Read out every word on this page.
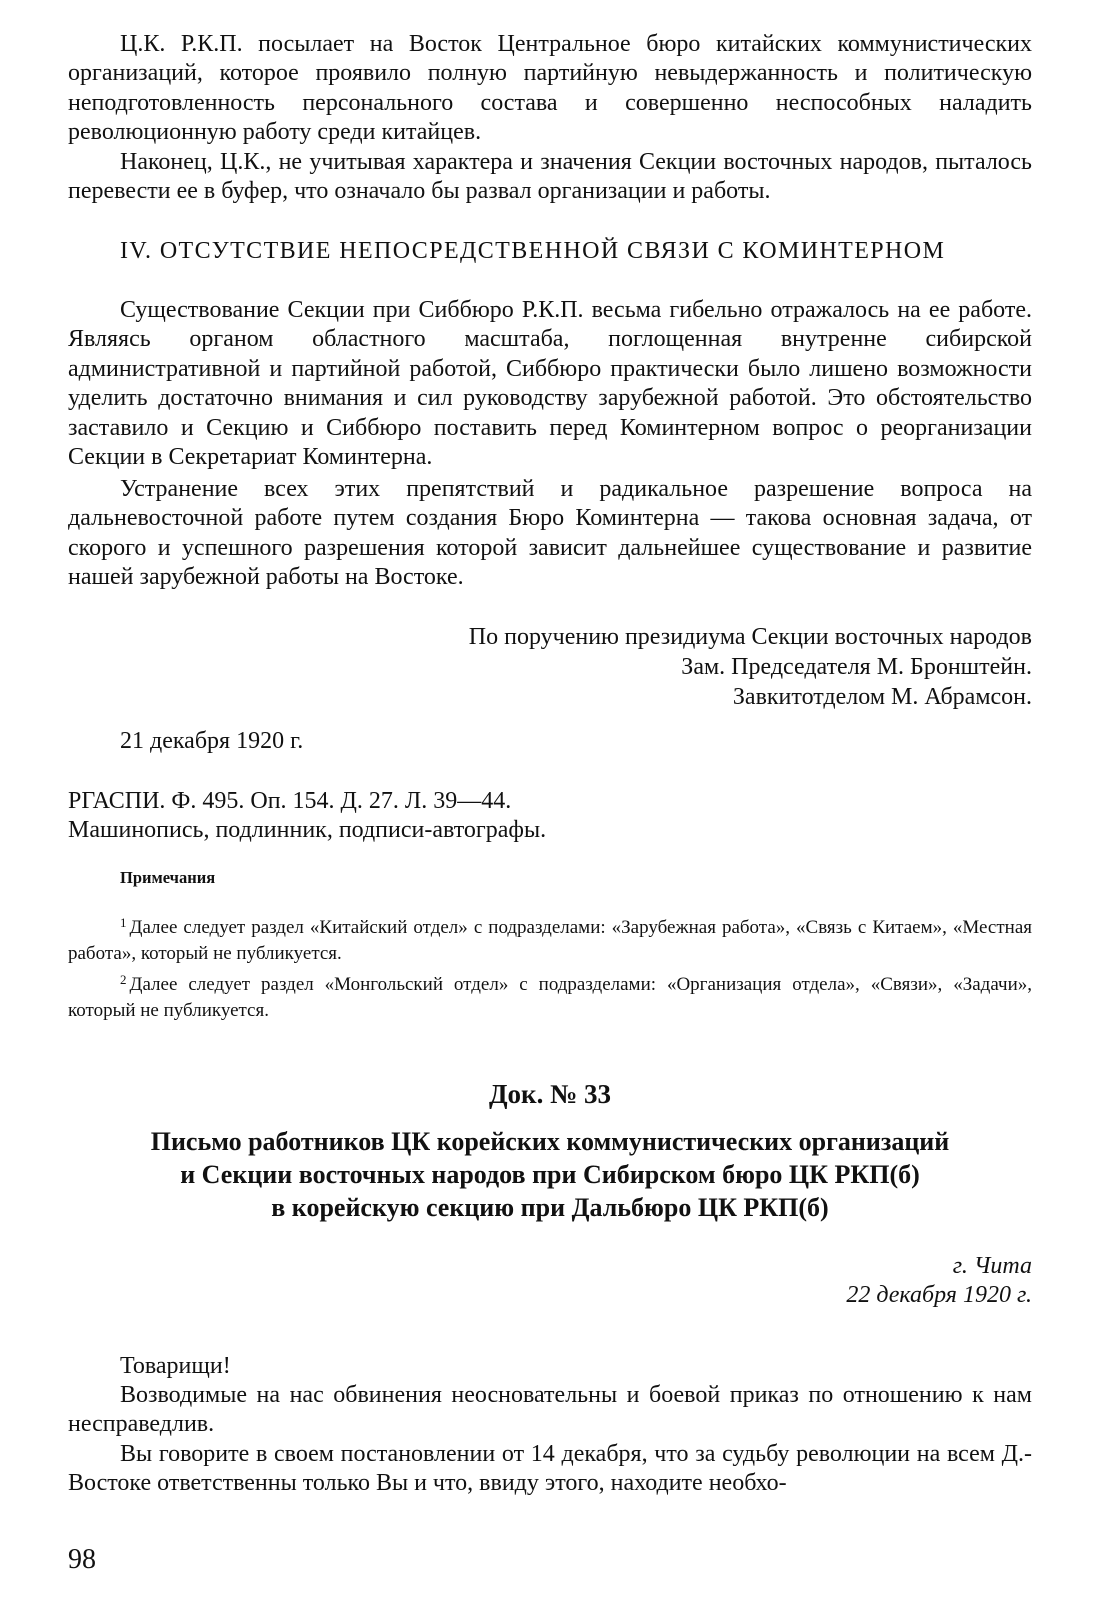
Ц.К. Р.К.П. посылает на Восток Центральное бюро китайских коммунистических организаций, которое проявило полную партийную невыдержанность и политическую неподготовленность персонального состава и совершенно неспособных наладить революционную работу среди китайцев.

Наконец, Ц.К., не учитывая характера и значения Секции восточных народов, пыталось перевести ее в буфер, что означало бы развал организации и работы.

IV. ОТСУТСТВИЕ НЕПОСРЕДСТВЕННОЙ СВЯЗИ С КОМИНТЕРНОМ

Существование Секции при Сиббюро Р.К.П. весьма гибельно отражалось на ее работе. Являясь органом областного масштаба, поглощенная внутренне сибирской административной и партийной работой, Сиббюро практически было лишено возможности уделить достаточно внимания и сил руководству зарубежной работой. Это обстоятельство заставило и Секцию и Сиббюро поставить перед Коминтерном вопрос о реорганизации Секции в Секретариат Коминтерна.

Устранение всех этих препятствий и радикальное разрешение вопроса на дальневосточной работе путем создания Бюро Коминтерна — такова основная задача, от скорого и успешного разрешения которой зависит дальнейшее существование и развитие нашей зарубежной работы на Востоке.

По поручению президиума Секции восточных народов
Зам. Председателя М. Бронштейн.
Завкитотделом М. Абрамсон.

21 декабря 1920 г.

РГАСПИ. Ф. 495. Оп. 154. Д. 27. Л. 39—44.

Машинопись, подлинник, подписи-автографы.

Примечания

$^1$ Далее следует раздел «Китайский отдел» с подразделами: «Зарубежная работа», «Связь с Китаем», «Местная работа», который не публикуется.

$^2$ Далее следует раздел «Монгольский отдел» с подразделами: «Организация отдела», «Связи», «Задачи», который не публикуется.

Док. № 33

Письмо работников ЦК корейских коммунистических организаций
и Секции восточных народов при Сибирском бюро ЦК РКП(б)
в корейскую секцию при Дальбюро ЦК РКП(б)

г. Чита

22 декабря 1920 г.

Товарищи!

Возводимые на нас обвинения неосновательны и боевой приказ по отношению к нам несправедлив.

Вы говорите в своем постановлении от 14 декабря, что за судьбу революции на всем Д.-Востоке ответственны только Вы и что, ввиду этого, находите необхо-

98
